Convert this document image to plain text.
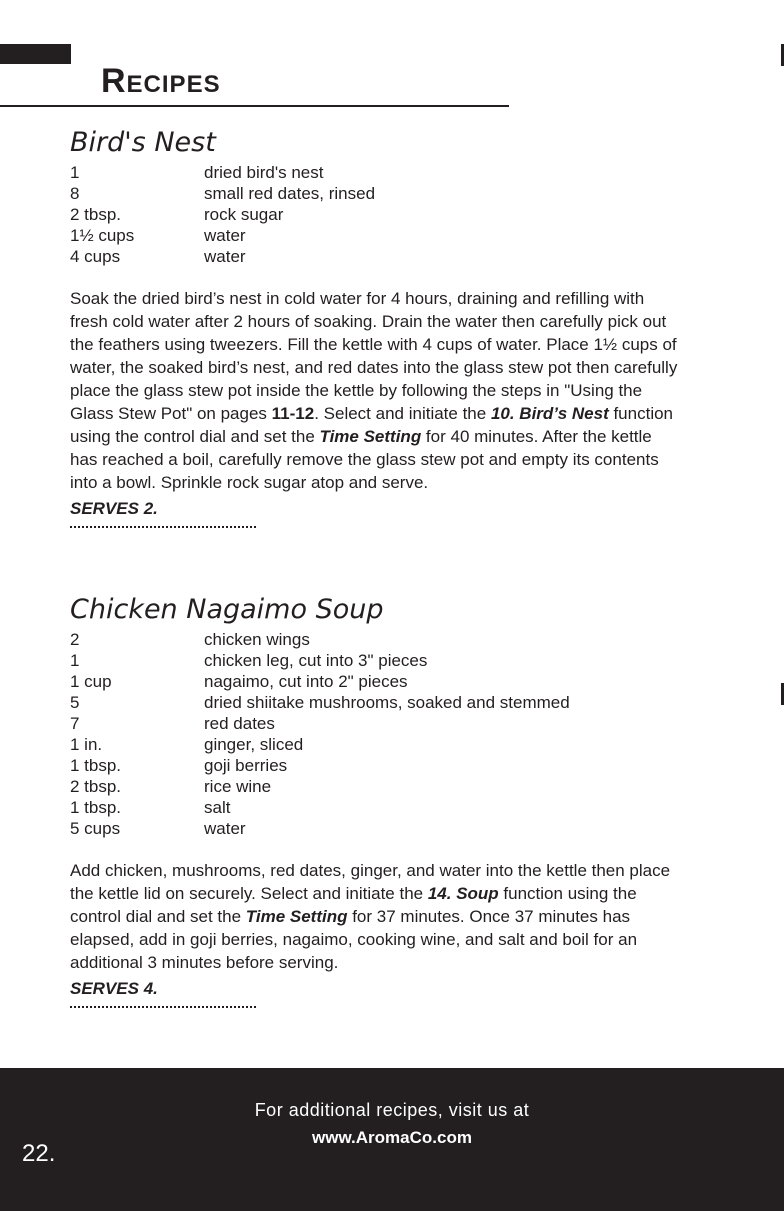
Recipes
Bird's Nest
1	dried bird's nest
8	small red dates, rinsed
2 tbsp.	rock sugar
1½ cups	water
4 cups	water

Soak the dried bird’s nest in cold water for 4 hours, draining and refilling with fresh cold water after 2 hours of soaking. Drain the water then carefully pick out the feathers using tweezers. Fill the kettle with 4 cups of water. Place 1½ cups of water, the soaked bird’s nest, and red dates into the glass stew pot then carefully place the glass stew pot inside the kettle by following the steps in "Using the Glass Stew Pot" on pages 11-12. Select and initiate the 10. Bird’s Nest function using the control dial and set the Time Setting for 40 minutes. After the kettle has reached a boil, carefully remove the glass stew pot and empty its contents into a bowl. Sprinkle rock sugar atop and serve.

SERVES 2.
Chicken Nagaimo Soup
2	chicken wings
1	chicken leg, cut into 3" pieces
1 cup	nagaimo, cut into 2" pieces
5	dried shiitake mushrooms, soaked and stemmed
7	red dates
1 in.	ginger, sliced
1 tbsp.	goji berries
2 tbsp.	rice wine
1 tbsp.	salt
5 cups	water

Add chicken, mushrooms, red dates, ginger, and water into the kettle then place the kettle lid on securely. Select and initiate the 14. Soup function using the control dial and set the Time Setting for 37 minutes. Once 37 minutes has elapsed, add in goji berries, nagaimo, cooking wine, and salt and boil for an additional 3 minutes before serving.

SERVES 4.
For additional recipes, visit us at
www.AromaCo.com
22.
